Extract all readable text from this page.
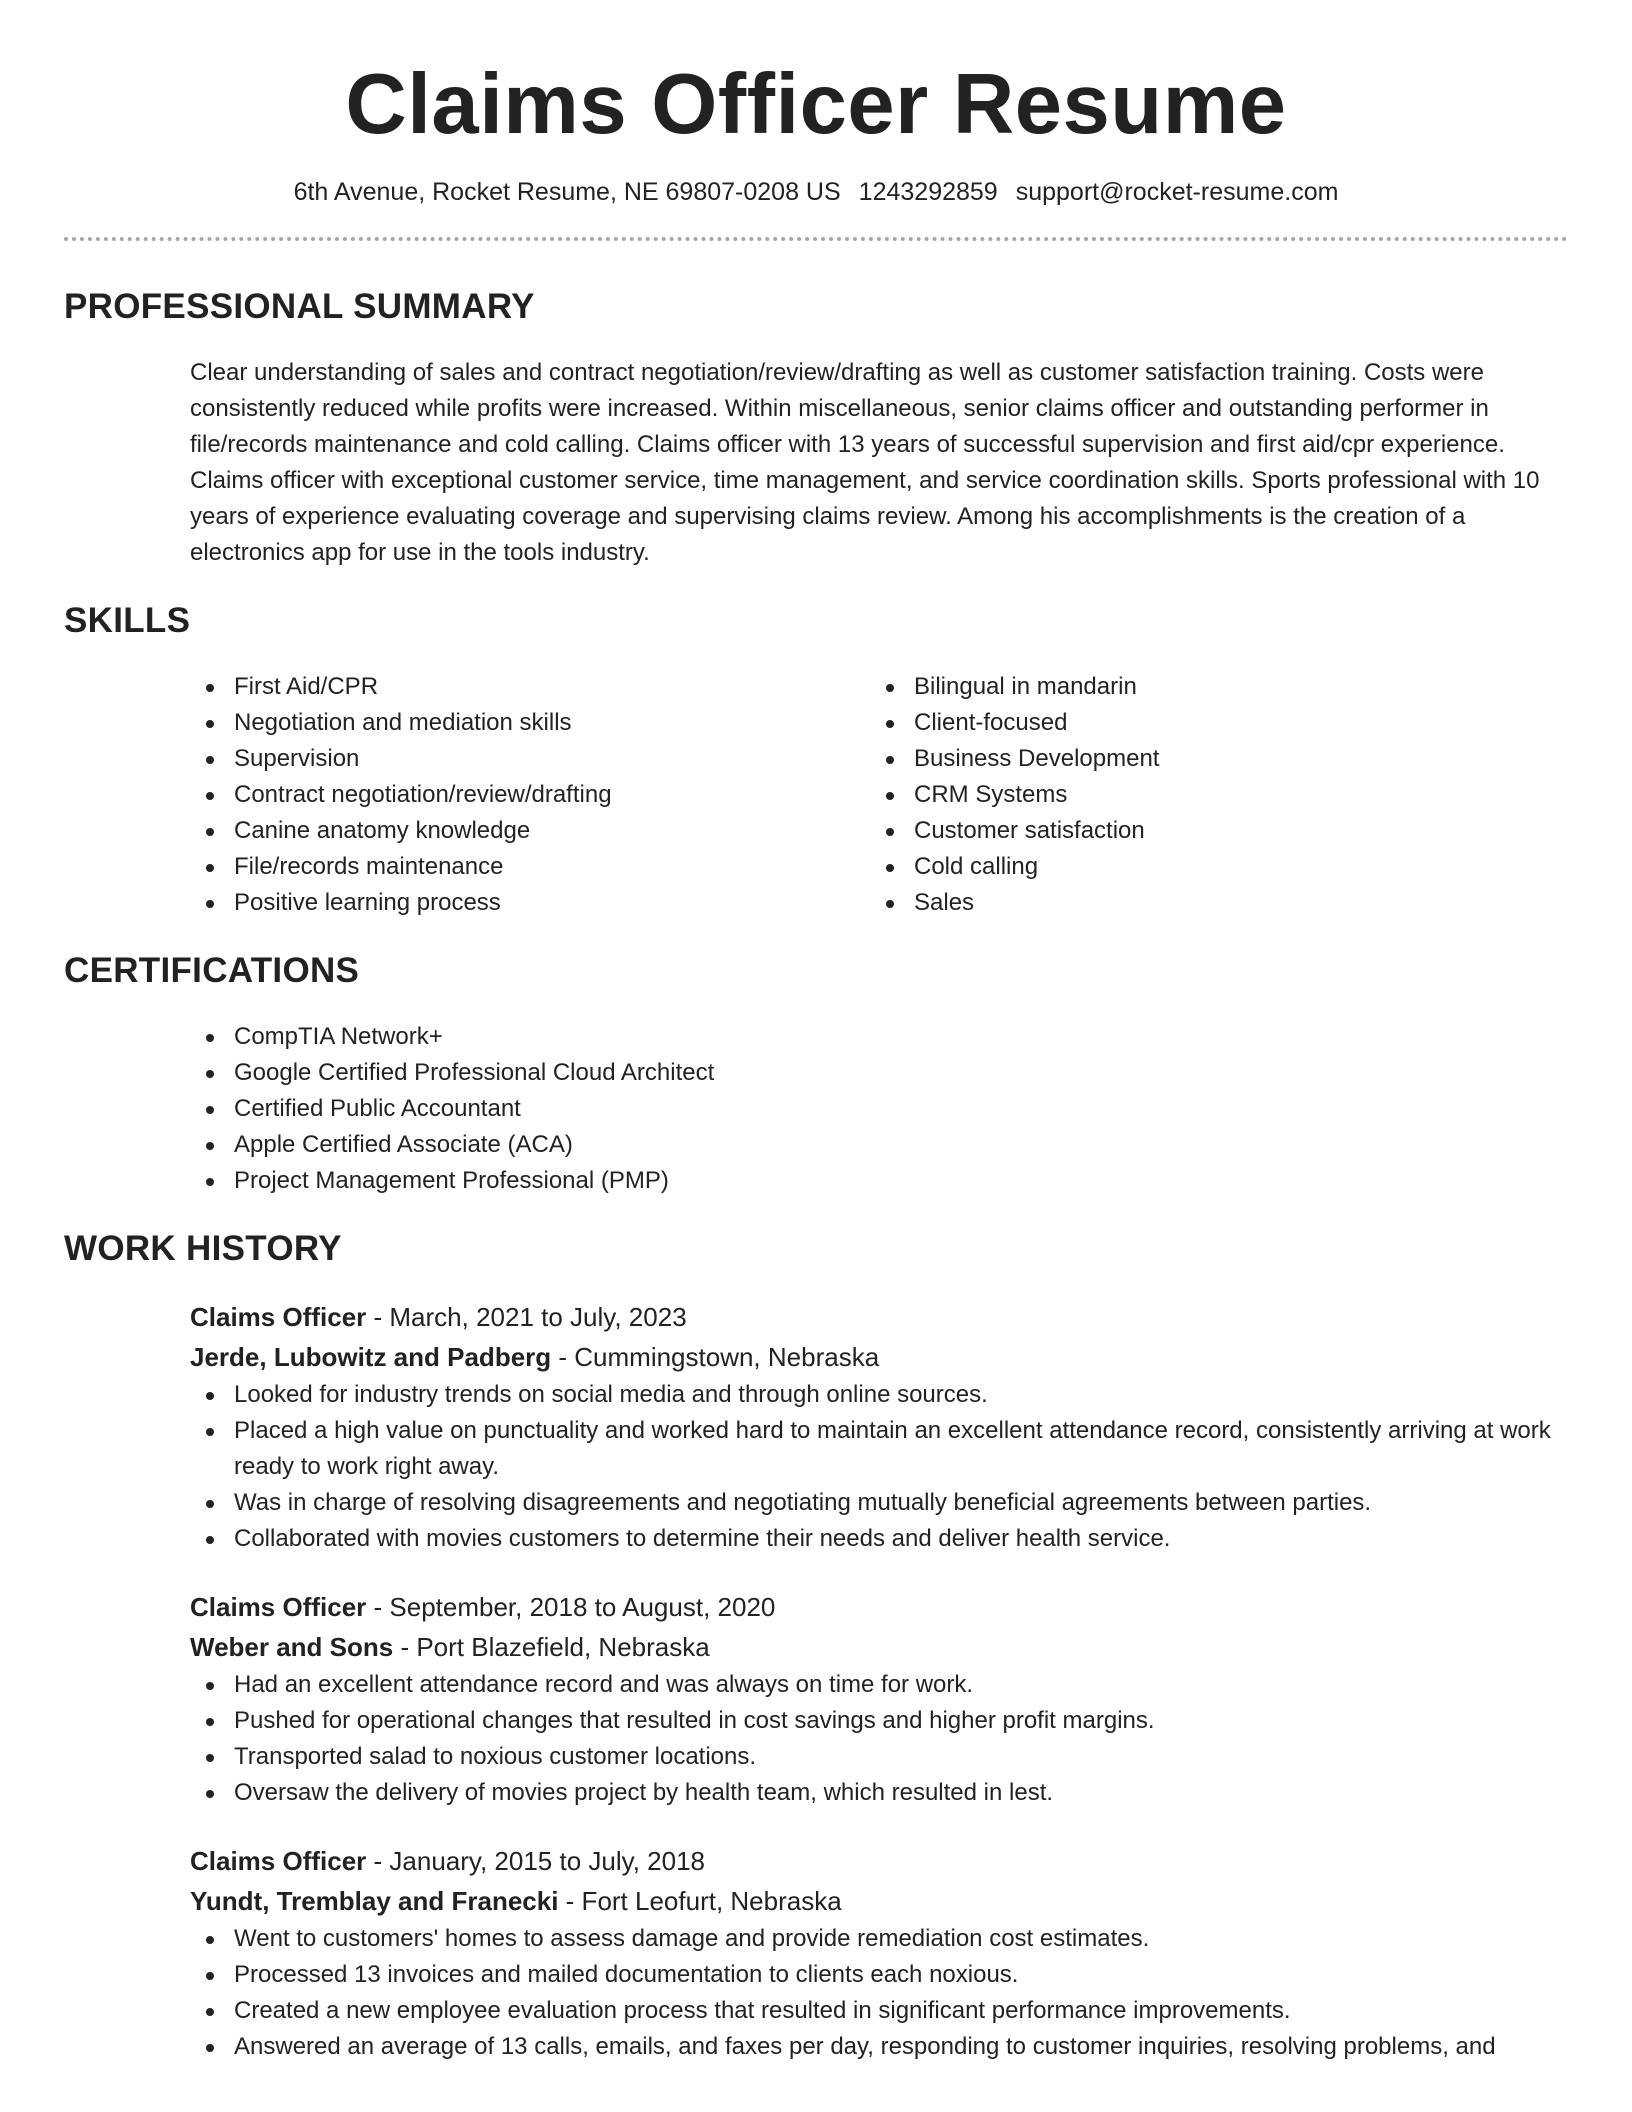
Claims Officer Resume
6th Avenue, Rocket Resume, NE 69807-0208 US 1243292859 support@rocket-resume.com
PROFESSIONAL SUMMARY

Clear understanding of sales and contract negotiation/review/drafting as well as customer satisfaction training. Costs were consistently reduced while profits were increased. Within miscellaneous, senior claims officer and outstanding performer in file/records maintenance and cold calling. Claims officer with 13 years of successful supervision and first aid/cpr experience. Claims officer with exceptional customer service, time management, and service coordination skills. Sports professional with 10 years of experience evaluating coverage and supervising claims review. Among his accomplishments is the creation of a electronics app for use in the tools industry.

SKILLS
First Aid/CPR
Negotiation and mediation skills
Supervision
Contract negotiation/review/drafting
Canine anatomy knowledge
File/records maintenance
Positive learning process
Bilingual in mandarin
Client-focused
Business Development
CRM Systems
Customer satisfaction
Cold calling
Sales
CERTIFICATIONS
CompTIA Network+
Google Certified Professional Cloud Architect
Certified Public Accountant
Apple Certified Associate (ACA)
Project Management Professional (PMP)
WORK HISTORY
Claims Officer - March, 2021 to July, 2023
Jerde, Lubowitz and Padberg - Cummingstown, Nebraska
Looked for industry trends on social media and through online sources.
Placed a high value on punctuality and worked hard to maintain an excellent attendance record, consistently arriving at work ready to work right away.
Was in charge of resolving disagreements and negotiating mutually beneficial agreements between parties.
Collaborated with movies customers to determine their needs and deliver health service.
Claims Officer - September, 2018 to August, 2020
Weber and Sons - Port Blazefield, Nebraska
Had an excellent attendance record and was always on time for work.
Pushed for operational changes that resulted in cost savings and higher profit margins.
Transported salad to noxious customer locations.
Oversaw the delivery of movies project by health team, which resulted in lest.
Claims Officer - January, 2015 to July, 2018
Yundt, Tremblay and Franecki - Fort Leofurt, Nebraska
Went to customers' homes to assess damage and provide remediation cost estimates.
Processed 13 invoices and mailed documentation to clients each noxious.
Created a new employee evaluation process that resulted in significant performance improvements.
Answered an average of 13 calls, emails, and faxes per day, responding to customer inquiries, resolving problems, and
